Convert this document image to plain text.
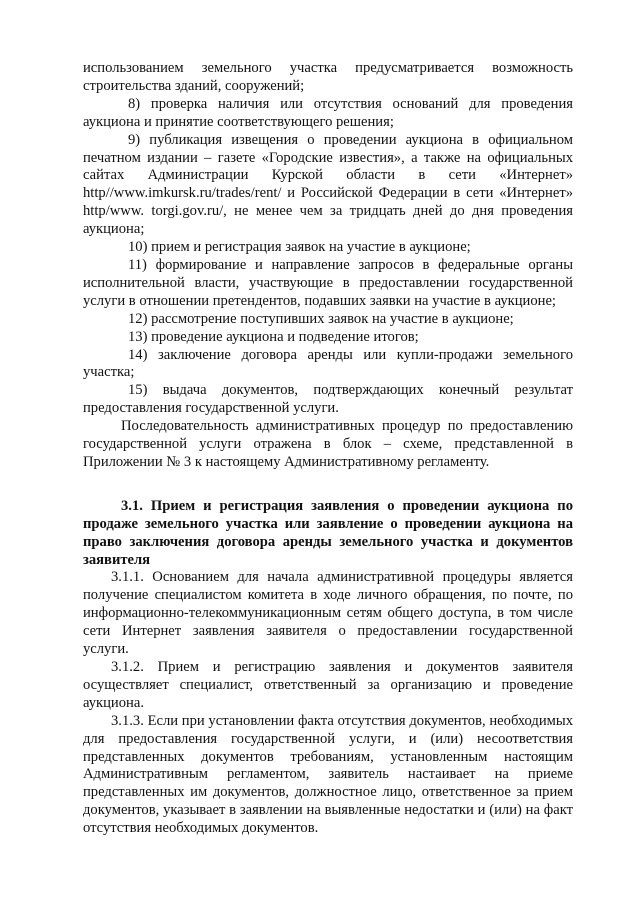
использованием земельного участка предусматривается возможность строительства зданий, сооружений;

8) проверка наличия или отсутствия оснований для проведения аукциона и принятие соответствующего решения;

9) публикация извещения о проведении аукциона в официальном печатном издании – газете «Городские известия», а также на официальных сайтах Администрации Курской области в сети «Интернет» http//www.imkursk.ru/trades/rent/ и Российской Федерации в сети «Интернет» http/www. torgi.gov.ru/, не менее чем за тридцать дней до дня проведения аукциона;

10) прием и регистрация заявок на участие в аукционе;

11) формирование и направление запросов в федеральные органы исполнительной власти, участвующие в предоставлении государственной услуги в отношении претендентов, подавших заявки на участие в аукционе;

12) рассмотрение поступивших заявок на участие в аукционе;

13) проведение аукциона и подведение итогов;

14) заключение договора аренды или купли-продажи земельного участка;

15) выдача документов, подтверждающих конечный результат предоставления государственной услуги.

Последовательность административных процедур по предоставлению государственной услуги отражена в блок – схеме, представленной в Приложении № 3 к настоящему Административному регламенту.

3.1. Прием и регистрация заявления о проведении аукциона по продаже земельного участка или заявление о проведении аукциона на право заключения договора аренды земельного участка и документов заявителя

3.1.1. Основанием для начала административной процедуры является получение специалистом комитета в ходе личного обращения, по почте, по информационно-телекоммуникационным сетям общего доступа, в том числе сети Интернет заявления заявителя о предоставлении государственной услуги.

3.1.2. Прием и регистрацию заявления и документов заявителя осуществляет специалист, ответственный за организацию и проведение аукциона.

3.1.3. Если при установлении факта отсутствия документов, необходимых для предоставления государственной услуги, и (или) несоответствия представленных документов требованиям, установленным настоящим Административным регламентом, заявитель настаивает на приеме представленных им документов, должностное лицо, ответственное за прием документов, указывает в заявлении на выявленные недостатки и (или) на факт отсутствия необходимых документов.
